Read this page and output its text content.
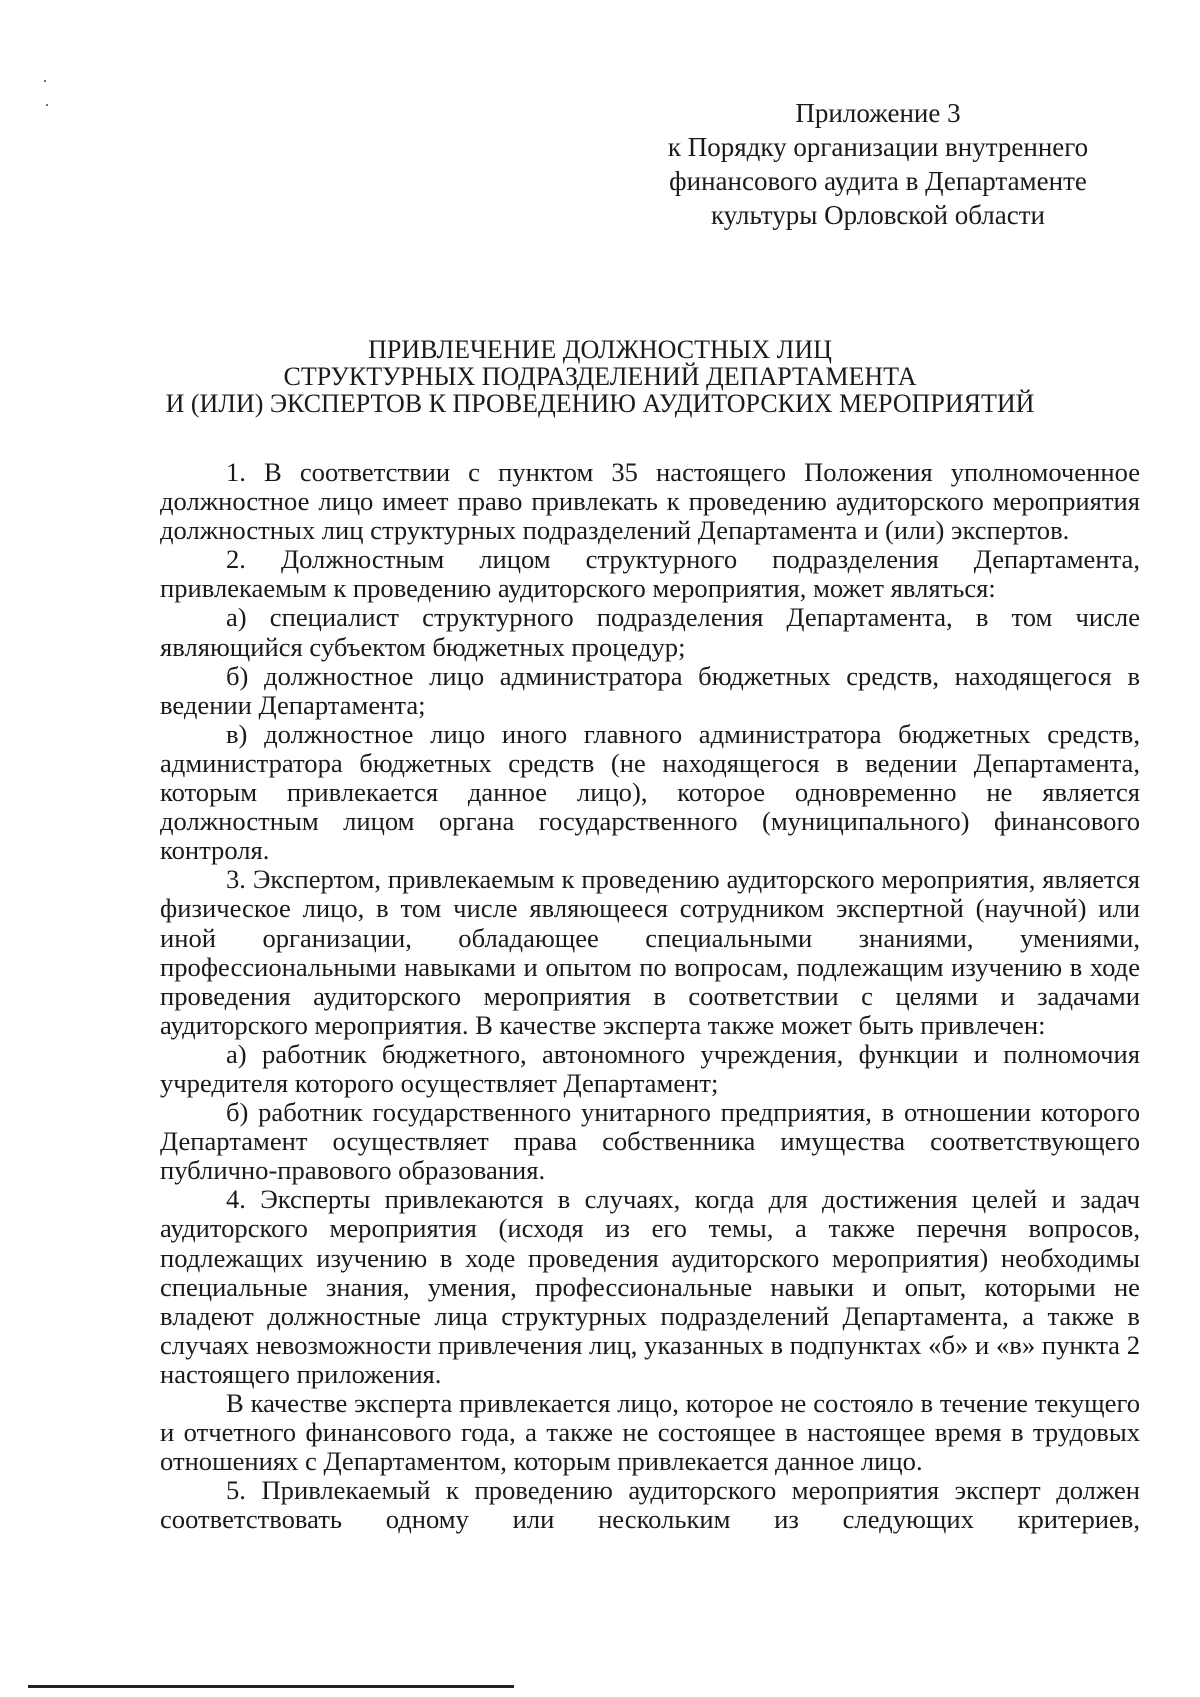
Приложение 3
к Порядку организации внутреннего
финансового аудита в Департаменте
культуры Орловской области
ПРИВЛЕЧЕНИЕ ДОЛЖНОСТНЫХ ЛИЦ
СТРУКТУРНЫХ ПОДРАЗДЕЛЕНИЙ ДЕПАРТАМЕНТА
И (ИЛИ) ЭКСПЕРТОВ К ПРОВЕДЕНИЮ АУДИТОРСКИХ МЕРОПРИЯТИЙ

1. В соответствии с пунктом 35 настоящего Положения уполномоченное должностное лицо имеет право привлекать к проведению аудиторского мероприятия должностных лиц структурных подразделений Департамента и (или) экспертов.

2. Должностным лицом структурного подразделения Департамента, привлекаемым к проведению аудиторского мероприятия, может являться:

а) специалист структурного подразделения Департамента, в том числе являющийся субъектом бюджетных процедур;

б) должностное лицо администратора бюджетных средств, находящегося в ведении Департамента;

в) должностное лицо иного главного администратора бюджетных средств, администратора бюджетных средств (не находящегося в ведении Департамента, которым привлекается данное лицо), которое одновременно не является должностным лицом органа государственного (муниципального) финансового контроля.

3. Экспертом, привлекаемым к проведению аудиторского мероприятия, является физическое лицо, в том числе являющееся сотрудником экспертной (научной) или иной организации, обладающее специальными знаниями, умениями, профессиональными навыками и опытом по вопросам, подлежащим изучению в ходе проведения аудиторского мероприятия в соответствии с целями и задачами аудиторского мероприятия. В качестве эксперта также может быть привлечен:

а) работник бюджетного, автономного учреждения, функции и полномочия учредителя которого осуществляет Департамент;

б) работник государственного унитарного предприятия, в отношении которого Департамент осуществляет права собственника имущества соответствующего публично-правового образования.

4. Эксперты привлекаются в случаях, когда для достижения целей и задач аудиторского мероприятия (исходя из его темы, а также перечня вопросов, подлежащих изучению в ходе проведения аудиторского мероприятия) необходимы специальные знания, умения, профессиональные навыки и опыт, которыми не владеют должностные лица структурных подразделений Департамента, а также в случаях невозможности привлечения лиц, указанных в подпунктах «б» и «в» пункта 2 настоящего приложения.

В качестве эксперта привлекается лицо, которое не состояло в течение текущего и отчетного финансового года, а также не состоящее в настоящее время в трудовых отношениях с Департаментом, которым привлекается данное лицо.

5. Привлекаемый к проведению аудиторского мероприятия эксперт должен соответствовать одному или нескольким из следующих критериев,
